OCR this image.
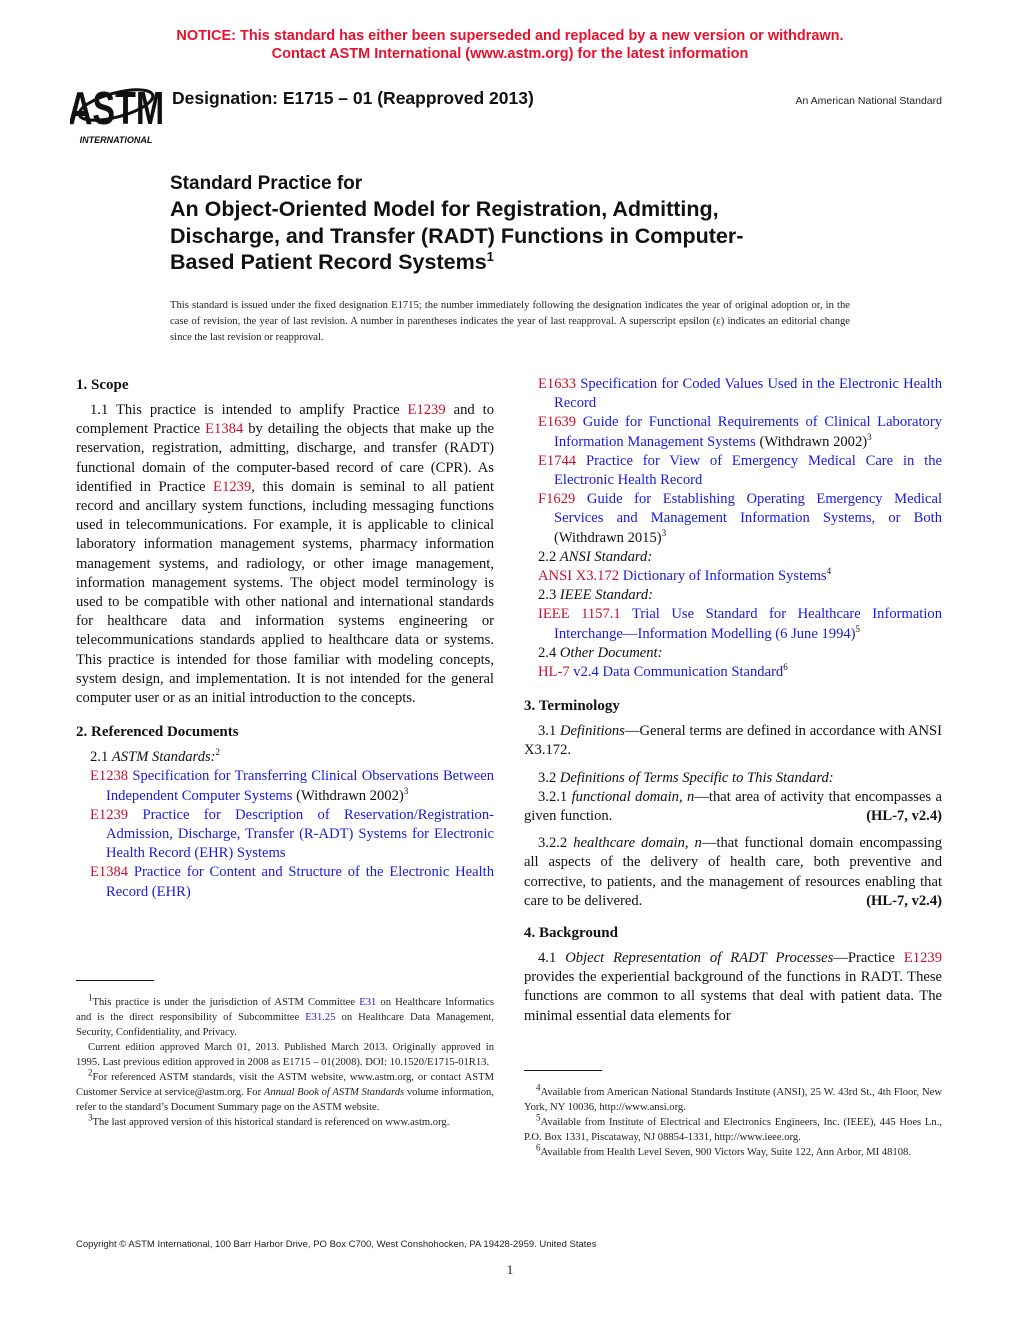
NOTICE: This standard has either been superseded and replaced by a new version or withdrawn.
Contact ASTM International (www.astm.org) for the latest information
ASTM
INTERNATIONAL
Designation: E1715 – 01 (Reapproved 2013)	An American National Standard
Standard Practice for
An Object-Oriented Model for Registration, Admitting,
Discharge, and Transfer (RADT) Functions in Computer-
Based Patient Record Systems$^1$
This standard is issued under the fixed designation E1715; the number immediately following the designation indicates the year of original adoption or, in the case of revision, the year of last revision. A number in parentheses indicates the year of last reapproval. A superscript epsilon (ε) indicates an editorial change since the last revision or reapproval.
1. Scope

1.1 This practice is intended to amplify Practice E1239 and to complement Practice E1384 by detailing the objects that make up the reservation, registration, admitting, discharge, and transfer (RADT) functional domain of the computer-based record of care (CPR). As identified in Practice E1239, this domain is seminal to all patient record and ancillary system functions, including messaging functions used in telecommunications. For example, it is applicable to clinical laboratory information management systems, pharmacy information management systems, and radiology, or other image management, information management systems. The object model terminology is used to be compatible with other national and international standards for healthcare data and information systems engineering or telecommunications standards applied to healthcare data or systems. This practice is intended for those familiar with modeling concepts, system design, and implementation. It is not intended for the general computer user or as an initial introduction to the concepts.

2. Referenced Documents

2.1 ASTM Standards:$^2$

E1238 Specification for Transferring Clinical Observations Between Independent Computer Systems (Withdrawn 2002)$^3$

E1239 Practice for Description of Reservation/Registration-Admission, Discharge, Transfer (R-ADT) Systems for Electronic Health Record (EHR) Systems

E1384 Practice for Content and Structure of the Electronic Health Record (EHR)

$^1$This practice is under the jurisdiction of ASTM Committee E31 on Healthcare Informatics and is the direct responsibility of Subcommittee E31.25 on Healthcare Data Management, Security, Confidentiality, and Privacy.

Current edition approved March 01, 2013. Published March 2013. Originally approved in 1995. Last previous edition approved in 2008 as E1715 – 01(2008). DOI: 10.1520/E1715-01R13.

$^2$For referenced ASTM standards, visit the ASTM website, www.astm.org, or contact ASTM Customer Service at service@astm.org. For Annual Book of ASTM Standards volume information, refer to the standard’s Document Summary page on the ASTM website.

$^3$The last approved version of this historical standard is referenced on www.astm.org.

E1633 Specification for Coded Values Used in the Electronic Health Record

E1639 Guide for Functional Requirements of Clinical Laboratory Information Management Systems (Withdrawn 2002)$^3$

E1744 Practice for View of Emergency Medical Care in the Electronic Health Record

F1629 Guide for Establishing Operating Emergency Medical Services and Management Information Systems, or Both (Withdrawn 2015)$^3$

2.2 ANSI Standard:

ANSI X3.172 Dictionary of Information Systems$^4$

2.3 IEEE Standard:

IEEE 1157.1 Trial Use Standard for Healthcare Information Interchange—Information Modelling (6 June 1994)$^5$

2.4 Other Document:

HL-7 v2.4 Data Communication Standard$^6$

3. Terminology

3.1 Definitions—General terms are defined in accordance with ANSI X3.172.

3.2 Definitions of Terms Specific to This Standard:

3.2.1 functional domain, n—that area of activity that encompasses a given function.	(HL-7, v2.4)

3.2.2 healthcare domain, n—that functional domain encompassing all aspects of the delivery of health care, both preventive and corrective, to patients, and the management of resources enabling that care to be delivered.	(HL-7, v2.4)

4. Background

4.1 Object Representation of RADT Processes—Practice E1239 provides the experiential background of the functions in RADT. These functions are common to all systems that deal with patient data. The minimal essential data elements for

$^4$Available from American National Standards Institute (ANSI), 25 W. 43rd St., 4th Floor, New York, NY 10036, http://www.ansi.org.

$^5$Available from Institute of Electrical and Electronics Engineers, Inc. (IEEE), 445 Hoes Ln., P.O. Box 1331, Piscataway, NJ 08854-1331, http://www.ieee.org.

$^6$Available from Health Level Seven, 900 Victors Way, Suite 122, Ann Arbor, MI 48108.

Copyright © ASTM International, 100 Barr Harbor Drive, PO Box C700, West Conshohocken, PA 19428-2959. United States
1
